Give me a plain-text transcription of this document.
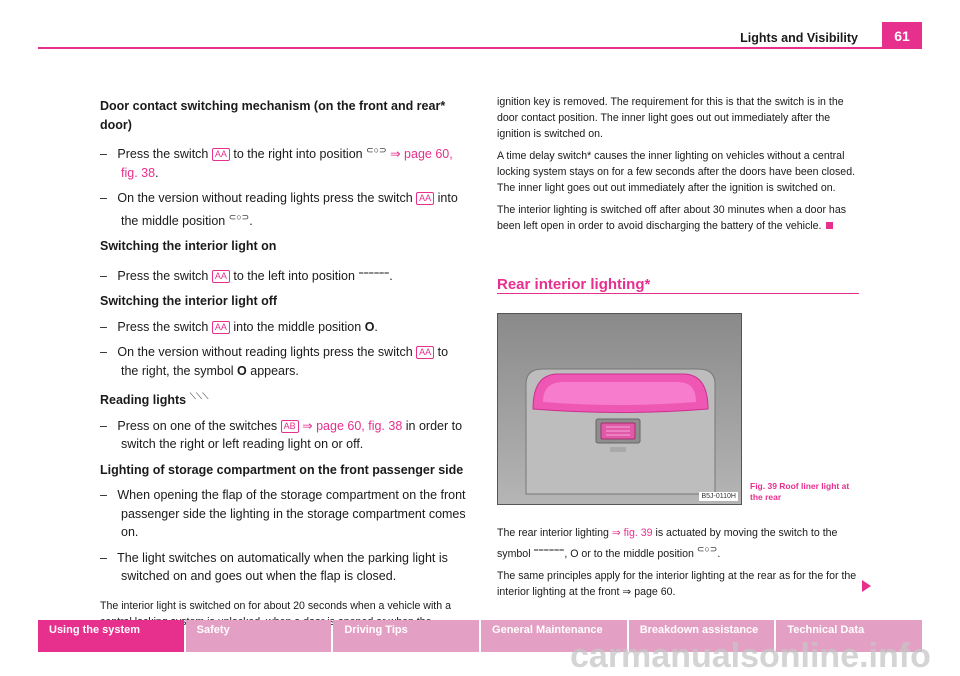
Lights and Visibility	61

Door contact switching mechanism (on the front and rear* door)

–   Press the switch AA to the right into position ⊂○⊃ ⇒ page 60, fig. 38.

–   On the version without reading lights press the switch AA into the middle position ⊂○⊃.

Switching the interior light on

–   Press the switch AA to the left into position ⩶⩶.

Switching the interior light off

–   Press the switch AA into the middle position O.

–   On the version without reading lights press the switch AA to the right, the symbol O appears.

Reading lights ⟍⟍⟍

–   Press on one of the switches AB ⇒ page 60, fig. 38 in order to switch the right or left reading light on or off.

Lighting of storage compartment on the front passenger side

–   When opening the flap of the storage compartment on the front passenger side the lighting in the storage compartment comes on.

–   The light switches on automatically when the parking light is switched on and goes out when the flap is closed.

The interior light is switched on for about 20 seconds when a vehicle with a

ignition key is removed. The requirement for this is that the switch is in the door contact position. The inner light goes out out immediately after the ignition is switched on.

A time delay switch* causes the inner lighting on vehicles without a central locking system stays on for a few seconds after the doors have been closed. The inner light goes out out immediately after the ignition is switched on.

The interior lighting is switched off after about 30 minutes when a door has been left open in order to avoid discharging the battery of the vehicle.

Rear interior lighting*
B5J-0110H
Fig. 39 Roof liner light at the rear

The rear interior lighting ⇒ fig. 39 is actuated by moving the switch to the symbol ⩶⩶, O or to the middle position ⊂○⊃.

The same principles apply for the interior lighting at the rear as for the for the interior lighting at the front ⇒ page 60.

Using the system	Safety	Driving Tips	General Maintenance	Breakdown assistance	Technical Data
carmanualsonline.info
